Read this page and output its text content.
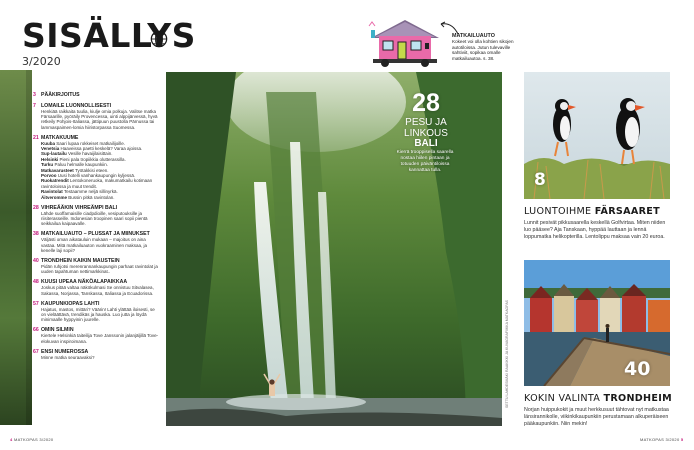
SISÄLLYS
3/2020
MATKAILUAUTO
Kokeet voi olla kohtien sikojen autotiloissa. Jutun tulevaville sahtiviit, sopikaa omalle matkailuautoa. s. 38.
3 PÄÄKIRJOITUS
7 LOMAILE LUONNOLLISESTI
Henkiää raikkaita tuulia, kiulje omia polkuja. Valitse matka Färsaarille, pyöräily Provencessa, uinti alppijärvessä, hyvä retkeily Pohjois-Italiassa, jättipuun puustolla Pärnussa tai lammaspaimen-lomia hiiristorpassa Suomessa.
21 MATKAKUUME
Kuuba Saari lupaa rokkeiset matkailijoille.
Venetsia Haaveissa paetti keskelä? Varaa ajoissa.
Sup-lautailu Vesille havaijilaisittain.
Helsinki Pieni pala tropiikkia olutterassilla.
Turku Paluu helmalle kaupunkiin.
Matkavarusteet Työtakkisi eteen.
Porvoo Uusi hotelli vanhankaupungin kyljessä.
Ruokatrendit Lentokoneruoka, makumatkailu kotimaan ravintoloissa ja muut trendit.
Ravintolat Testaamme neljä sillinyrkä.
Äitveromme Bussin pitkä ravintolan.
28 VIHREÄÄKIN VIHREÄMPI BALI
Lähde suoffamaisille ciadpdioille, vesiputouksille ja riisiterasseille. Indonesian troopinen saari sopii pientä seikkailua kaipaavalle.
38 MATKAILUAUTO – PLUSSAT JA MIINUKSET
Väljästi oman aikatauluin mukaan – majoitus on aina vastaa. Mitä matkailuauton vuokraaminen maksaa, ja kenelle laji sopii?
40 TRONDHEIN KAIKIN MAUSTEIN
Pidän ruhjotsi merenrannankaupungin parhaat ravintolat ja uuden tapahtuman nettimarkkinat..
48 KUUSI UPEAA NÄKÖALAPAIKKAA
Joskus pitää valtaa näkökulmasi Se onnistuu Sitvalasea, Sakassa, Norjassa, Tanskassa, Italiassa ja Ecuadorissa.
57 KAUPUNKIOPAS LAHTI
Hajatus, mastos, mittäri? Väärin! Lahti ylättää iloisesti, se on vieläättävä, trendikäs ja hauska. Luo jutta ja löydä minimaalle hyppyinin juurelle.
66 OMIN SILMIN
Kiertele Helsinkiä taiteilija Tove Janssonin jalanjäljillä Tove-elokuvan inspiroimana.
67 ENSI NUMEROSSA
Minne matka seuraavaksi?	SETTU LAHDESMÄKI RAAKIKKI JA KUVAGRAFIIKKA MATKAOPAS
28
PESU JA LINKOUS
BALI
Kierrä trooppisella saarella nostaa hiilen pintaan ja totuuden päiväntiloissa kannattaa tulla.	8
LUONTOIHME FÄRSAARET
Lunnit pesivät pikkusaarella keskellä Golfvirtaa. Miten niiden luo pääsee? Aja Tanskaan, hyppää lauttaan ja lennä loppumatka helikopterilla. Lentolippu maksaa vain 20 euroa.
40
KOKIN VALINTA TRONDHEIM
Norjan huippukokit ja muut herkkusuut tähtovat nyt matkustaa länsirannikolle, viikinkikaupunkiin perustamaan alkuperäiseen pääkaupunkiin. Niin mekin!
4 MATKOPAS 3/2020	MATKOPAS 3/2020 5
